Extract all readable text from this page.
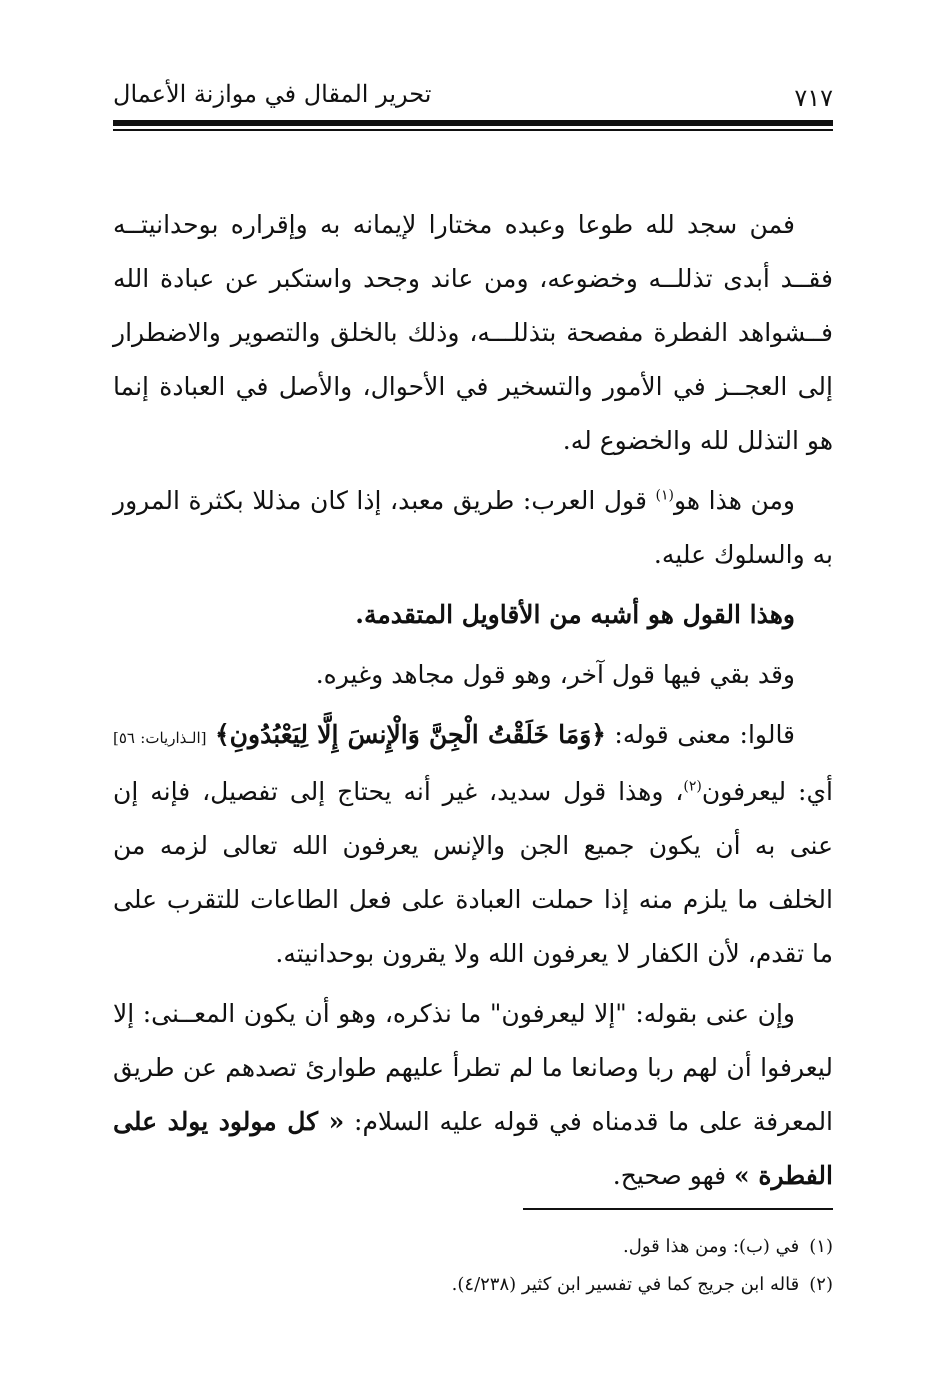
٧١٧
تحرير المقال في موازنة الأعمال

فمن سجد لله طوعا وعبده مختارا لإيمانه به وإقراره بوحدانيتــه فقــد أبدى تذللــه وخضوعه، ومن عاند وجحد واستكبر عن عبادة الله فــشواهد الفطرة مفصحة بتذللـــه، وذلك بالخلق والتصوير والاضطرار إلى العجــز في الأمور والتسخير في الأحوال، والأصل في العبادة إنما هو التذلل لله والخضوع له.

ومن هذا هو$^{(١)}$ قول العرب: طريق معبد، إذا كان مذللا بكثرة المرور به والسلوك عليه.

وهذا القول هو أشبه من الأقاويل المتقدمة.

وقد بقي فيها قول آخر، وهو قول مجاهد وغيره.

قالوا: معنى قوله: ﴿وَمَا خَلَقْتُ الْجِنَّ وَالْإِنسَ إِلَّا لِيَعْبُدُونِ﴾ [الـذاريات: ٥٦] أي: ليعرفون$^{(٢)}$، وهذا قول سديد، غير أنه يحتاج إلى تفصيل، فإنه إن عنى به أن يكون جميع الجن والإنس يعرفون الله تعالى لزمه من الخلف ما يلزم منه إذا حملت العبادة على فعل الطاعات للتقرب على ما تقدم، لأن الكفار لا يعرفون الله ولا يقرون بوحدانيته.

وإن عنى بقوله: "إلا ليعرفون" ما نذكره، وهو أن يكون المعــنى: إلا ليعرفوا أن لهم ربا وصانعا ما لم تطرأ عليهم طوارئ تصدهم عن طريق المعرفة على ما قدمناه في قوله عليه السلام: « كل مولود يولد على الفطرة » فهو صحيح.

(١)في (ب): ومن هذا قول.

(٢)قاله ابن جريج كما في تفسير ابن كثير (٤/٢٣٨).
